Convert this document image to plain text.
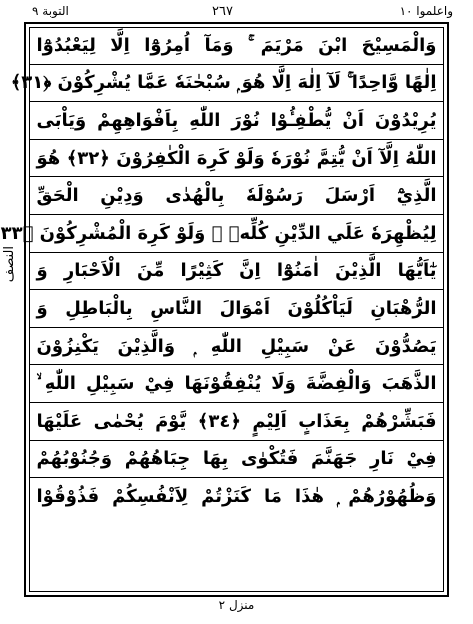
التوبة ٩	٢٦٧	واعلموا ١٠
وَالْمَسِيْحَ ابْنَ مَرْيَمَ ۚ وَمَآ اُمِرُوْٓا اِلَّا لِيَعْبُدُوْٓا
اِلٰهًا وَّاحِدًا ۚ لَآ اِلٰهَ اِلَّا هُوَ ۭ سُبْحٰنَهٗ عَمَّا يُشْرِكُوْنَ ﴿٣١﴾
يُرِيْدُوْنَ اَنْ يُّطْفِـُٔوْا نُوْرَ اللّٰهِ بِاَفْوَاهِهِمْ وَيَاْبَى
اللّٰهُ اِلَّآ اَنْ يُّتِمَّ نُوْرَهٗ وَلَوْ كَرِهَ الْكٰفِرُوْنَ ﴿٣٢﴾ هُوَ
الَّذِيْٓ اَرْسَلَ رَسُوْلَهٗ بِالْهُدٰى وَدِيْنِ الْحَقِّ
لِيُظْهِرَهٗ عَلَي الدِّيْنِ كُلِّهٖ ۙ وَلَوْ كَرِهَ الْمُشْرِكُوْنَ ﴿٣٣
يٰٓاَيُّهَا الَّذِيْنَ اٰمَنُوْٓا اِنَّ كَثِيْرًا مِّنَ الْاَحْبَارِ وَ
الرُّهْبَانِ لَيَاْكُلُوْنَ اَمْوَالَ النَّاسِ بِالْبَاطِلِ وَ
يَصُدُّوْنَ عَنْ سَبِيْلِ اللّٰهِ ۭ وَالَّذِيْنَ يَكْنِزُوْنَ
الذَّهَبَ وَالْفِضَّةَ وَلَا يُنْفِقُوْنَهَا فِيْ سَبِيْلِ اللّٰهِ ۙ
فَبَشِّرْهُمْ بِعَذَابٍ اَلِيْمٍ ﴿٣٤﴾ يَّوْمَ يُحْمٰى عَلَيْهَا
فِيْ نَارِ جَهَنَّمَ فَتُكْوٰى بِهَا جِبَاهُهُمْ وَجُنُوْبُهُمْ
وَظُهُوْرُهُمْ ۭ هٰذَا مَا كَنَزْتُمْ لِاَنْفُسِكُمْ فَذُوْقُوْا
النصف
منزل ٢
